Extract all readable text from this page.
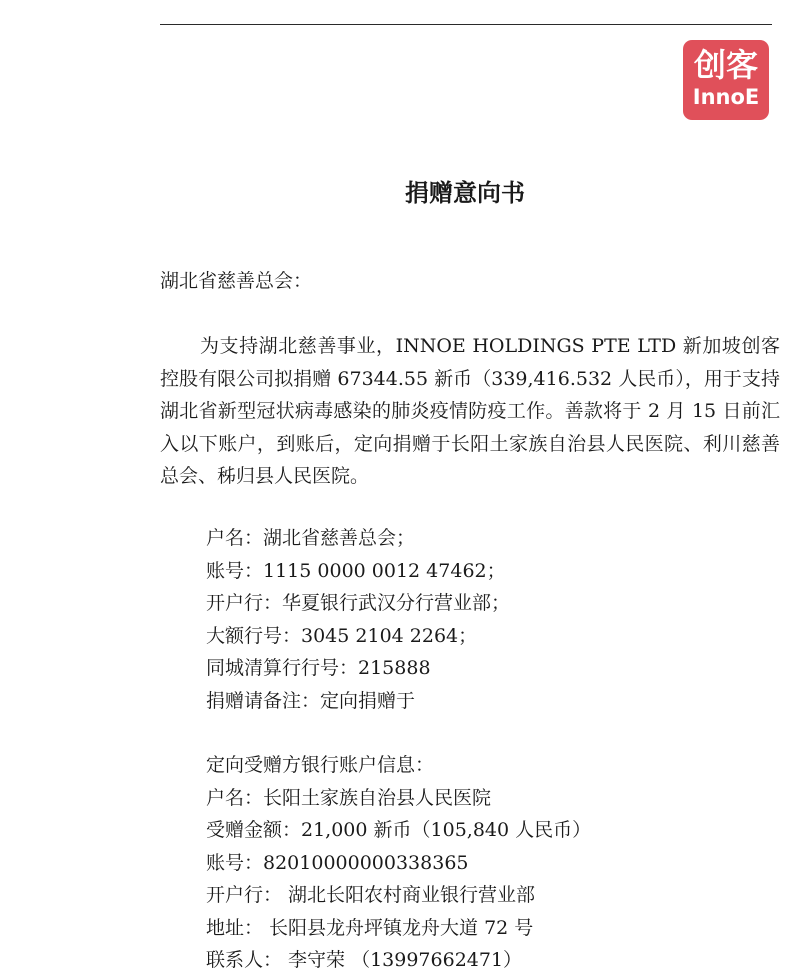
创客
InnoE
捐赠意向书

湖北省慈善总会：

为支持湖北慈善事业，INNOE HOLDINGS PTE LTD 新加坡创客控股有限公司拟捐赠 67344.55 新币（339,416.532 人民币），用于支持湖北省新型冠状病毒感染的肺炎疫情防疫工作。善款将于 2 月 15 日前汇入以下账户，到账后，定向捐赠于长阳土家族自治县人民医院、利川慈善总会、秭归县人民医院。

户名：湖北省慈善总会；
账号：1115 0000 0012 47462；
开户行：华夏银行武汉分行营业部；
大额行号：3045 2104 2264；
同城清算行行号：215888
捐赠请备注：定向捐赠于
定向受赠方银行账户信息：
户名：长阳土家族自治县人民医院
受赠金额：21,000 新币（105,840 人民币）
账号：82010000000338365
开户行： 湖北长阳农村商业银行营业部
地址： 长阳县龙舟坪镇龙舟大道 72 号
联系人： 李守荣 （13997662471）
